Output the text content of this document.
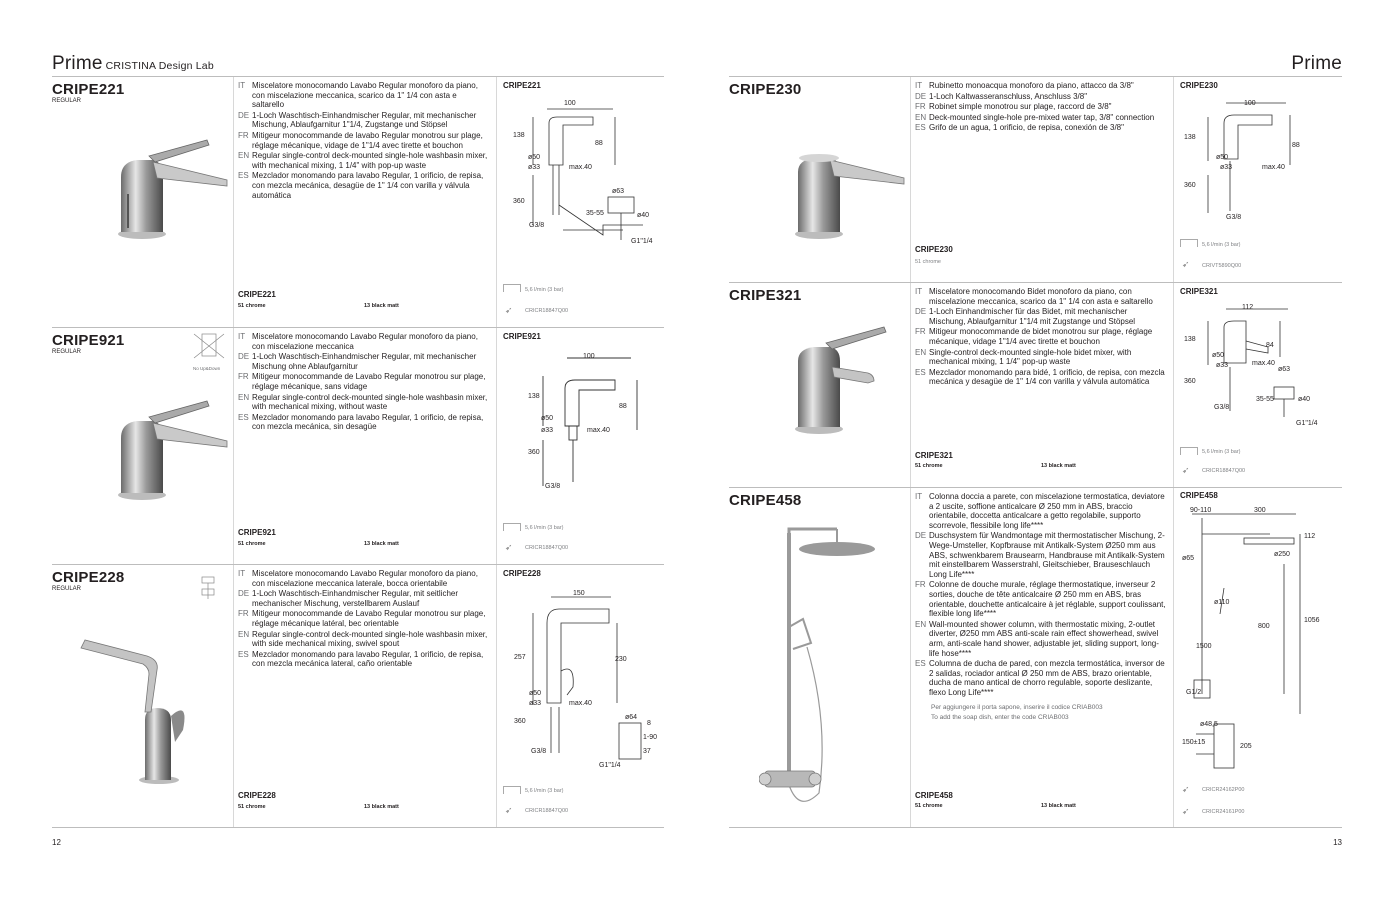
Prime CRISTINA Design Lab
CRIPE221
REGULAR
IT Miscelatore monocomando Lavabo Regular monoforo da piano, con miscelazione meccanica, scarico da 1" 1/4 con asta e saltarello
DE 1-Loch Waschtisch-Einhandmischer Regular, mit mechanischer Mischung, Ablaufgarnitur 1"1/4, Zugstange und Stöpsel
FR Mitigeur monocommande de lavabo Regular monotrou sur plage, réglage mécanique, vidage de 1"1/4 avec tirette et bouchon
EN Regular single-control deck-mounted single-hole washbasin mixer, with mechanical mixing, 1 1/4" with pop-up waste
ES Mezclador monomando para lavabo Regular, 1 orificio, de repisa, con mezcla mecánica, desagüe de 1" 1/4 con varilla y válvula automática
CRIPE221
51 chrome	13 black matt
CRIPE221
100
138
88
ø50
ø33	max.40
360
ø63
35-55	ø40
G3/8
G1"1/4
5,6 l/min (3 bar)
➹ CRICR18847Q00
CRIPE921
REGULAR
No Up&Down
IT Miscelatore monocomando Lavabo Regular monoforo da piano, con miscelazione meccanica
DE 1-Loch Waschtisch-Einhandmischer Regular, mit mechanischer Mischung ohne Ablaufgarnitur
FR Mitigeur monocommande de Lavabo Regular monotrou sur plage, réglage mécanique, sans vidage
EN Regular single-control deck-mounted single-hole washbasin mixer, with mechanical mixing, without waste
ES Mezclador monomando para lavabo Regular, 1 orificio, de repisa, con mezcla mecánica, sin desagüe
CRIPE921
51 chrome	13 black matt
CRIPE921
100
138
88
ø50
ø33	max.40
360
G3/8
5,6 l/min (3 bar)
➹ CRICR18847Q00
CRIPE228
REGULAR
IT Miscelatore monocomando Lavabo Regular monoforo da piano, con miscelazione meccanica laterale, bocca orientabile
DE 1-Loch Waschtisch-Einhandmischer Regular, mit seitlicher mechanischer Mischung, verstellbarem Auslauf
FR Mitigeur monocommande de Lavabo Regular monotrou sur plage, réglage mécanique latéral, bec orientable
EN Regular single-control deck-mounted single-hole washbasin mixer, with side mechanical mixing, swivel spout
ES Mezclador monomando para lavabo Regular, 1 orificio, de repisa, con mezcla mecánica lateral, caño orientable
CRIPE228
51 chrome	13 black matt
CRIPE228
150
257	230
ø50
ø33	max.40
360
ø64
8
1-90
37
G3/8
G1"1/4
5,6 l/min (3 bar)
➹ CRICR18847Q00
12
Prime
CRIPE230	IT Rubinetto monoacqua monoforo da piano, attacco da 3/8"
DE 1-Loch Kaltwasseranschluss, Anschluss 3/8"
FR Robinet simple monotrou sur plage, raccord de 3/8"
EN Deck-mounted single-hole pre-mixed water tap, 3/8" connection
ES Grifo de un agua, 1 orificio, de repisa, conexión de 3/8"
CRIPE230
51 chrome
CRIPE230
100
138
88
ø50
ø33	max.40
360
G3/8
5,6 l/min (3 bar)
➹ CRIVT5890Q00
CRIPE321	IT Miscelatore monocomando Bidet monoforo da piano, con miscelazione meccanica, scarico da 1" 1/4 con asta e saltarello
DE 1-Loch Einhandmischer für das Bidet, mit mechanischer Mischung, Ablaufgarnitur 1"1/4 mit Zugstange und Stöpsel
FR Mitigeur monocommande de bidet monotrou sur plage, réglage mécanique, vidage 1"1/4 avec tirette et bouchon
EN Single-control deck-mounted single-hole bidet mixer, with mechanical mixing, 1 1/4" pop-up waste
ES Mezclador monomando para bidé, 1 orificio, de repisa, con mezcla mecánica y desagüe de 1" 1/4 con varilla y válvula automática
CRIPE321
51 chrome	13 black matt
CRIPE321
112
138
84
ø50
ø33	max.40
360
ø63
35-55	ø40
G3/8
G1"1/4
5,6 l/min (3 bar)
➹ CRICR18847Q00
CRIPE458	IT Colonna doccia a parete, con miscelazione termostatica, deviatore a 2 uscite, soffione anticalcare Ø 250 mm in ABS, braccio orientabile, doccetta anticalcare a getto regolabile, supporto scorrevole, flessibile long life****
DE Duschsystem für Wandmontage mit thermostatischer Mischung, 2-Wege-Umsteller, Kopfbrause mit Antikalk-System Ø250 mm aus ABS, schwenkbarem Brausearm, Handbrause mit Antikalk-System mit einstellbarem Wasserstrahl, Gleitschieber, Brauseschlauch Long Life****
FR Colonne de douche murale, réglage thermostatique, inverseur 2 sorties, douche de tête anticalcaire Ø 250 mm en ABS, bras orientable, douchette anticalcaire à jet réglable, support coulissant, flexible long life****
EN Wall-mounted shower column, with thermostatic mixing, 2-outlet diverter, Ø250 mm ABS anti-scale rain effect showerhead, swivel arm, anti-scale hand shower, adjustable jet, sliding support, long-life hose****
ES Columna de ducha de pared, con mezcla termostática, inversor de 2 salidas, rociador antical Ø 250 mm de ABS, brazo orientable, ducha de mano antical de chorro regulable, soporte deslizante, flexo Long Life****
Per aggiungere il porta sapone, inserire il codice CRIAB003
To add the soap dish, enter the code CRIAB003
CRIPE458
51 chrome	13 black matt
CRIPE458
90-110	300
112
ø250
ø65
ø110
800
1056
1500
G1/2
ø48,5
150±15
205
➹ CRICR24162P00
➹ CRICR24161P00
13
